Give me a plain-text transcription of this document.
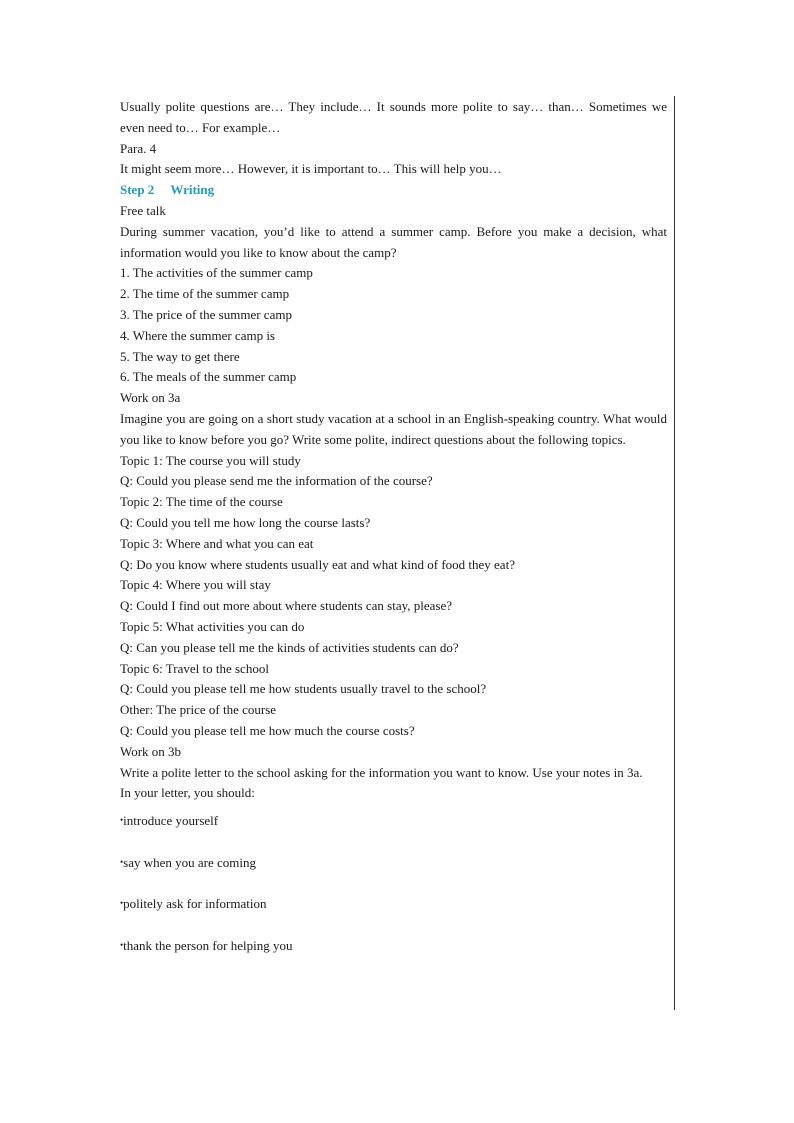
Usually polite questions are… They include… It sounds more polite to say… than… Sometimes we even need to… For example…

Para. 4

It might seem more… However, it is important to… This will help you…

Step 2 Writing

Free talk

During summer vacation, you’d like to attend a summer camp. Before you make a decision, what information would you like to know about the camp?

1. The activities of the summer camp

2. The time of the summer camp

3. The price of the summer camp

4. Where the summer camp is

5. The way to get there

6. The meals of the summer camp

Work on 3a

Imagine you are going on a short study vacation at a school in an English-speaking country. What would you like to know before you go? Write some polite, indirect questions about the following topics.

Topic 1: The course you will study

Q: Could you please send me the information of the course?

Topic 2: The time of the course

Q: Could you tell me how long the course lasts?

Topic 3: Where and what you can eat

Q: Do you know where students usually eat and what kind of food they eat?

Topic 4: Where you will stay

Q: Could I find out more about where students can stay, please?

Topic 5: What activities you can do

Q: Can you please tell me the kinds of activities students can do?

Topic 6: Travel to the school

Q: Could you please tell me how students usually travel to the school?

Other: The price of the course

Q: Could you please tell me how much the course costs?

Work on 3b

Write a polite letter to the school asking for the information you want to know. Use your notes in 3a.

In your letter, you should:

•introduce yourself

•say when you are coming

•politely ask for information

•thank the person for helping you
